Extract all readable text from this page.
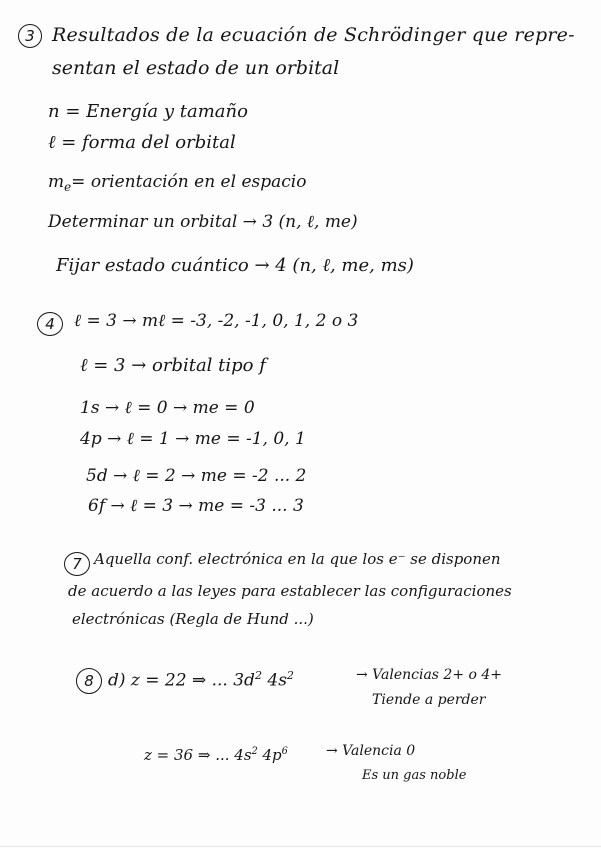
3 Resultados de la ecuación de Schrödinger que repre-
sentan el estado de un orbital
n = Energía y tamaño
ℓ = forma del orbital
$m_e=$ orientación en el espacio
Determinar un orbital → 3 (n, ℓ, me)
Fijar estado cuántico → 4 (n, ℓ, me, ms)
4	ℓ = 3 → mℓ = -3, -2, -1, 0, 1, 2 o 3
ℓ = 3 → orbital tipo f
1s → ℓ = 0 → me = 0
4p → ℓ = 1 → me = -1, 0, 1
5d → ℓ = 2 → me = -2 ... 2
6f → ℓ = 3 → me = -3 ... 3
7 Aquella conf. electrónica en la que los e⁻ se disponen
de acuerdo a las leyes para establecer las configuraciones
electrónicas (Regla de Hund ...)
8 d) z = 22 ⇒ ... $3d^2$ $4s^2$	→ Valencias 2+ o 4+
Tiende a perder
z = 36 ⇒ ... $4s^2$ $4p^6$	→ Valencia 0
Es un gas noble
